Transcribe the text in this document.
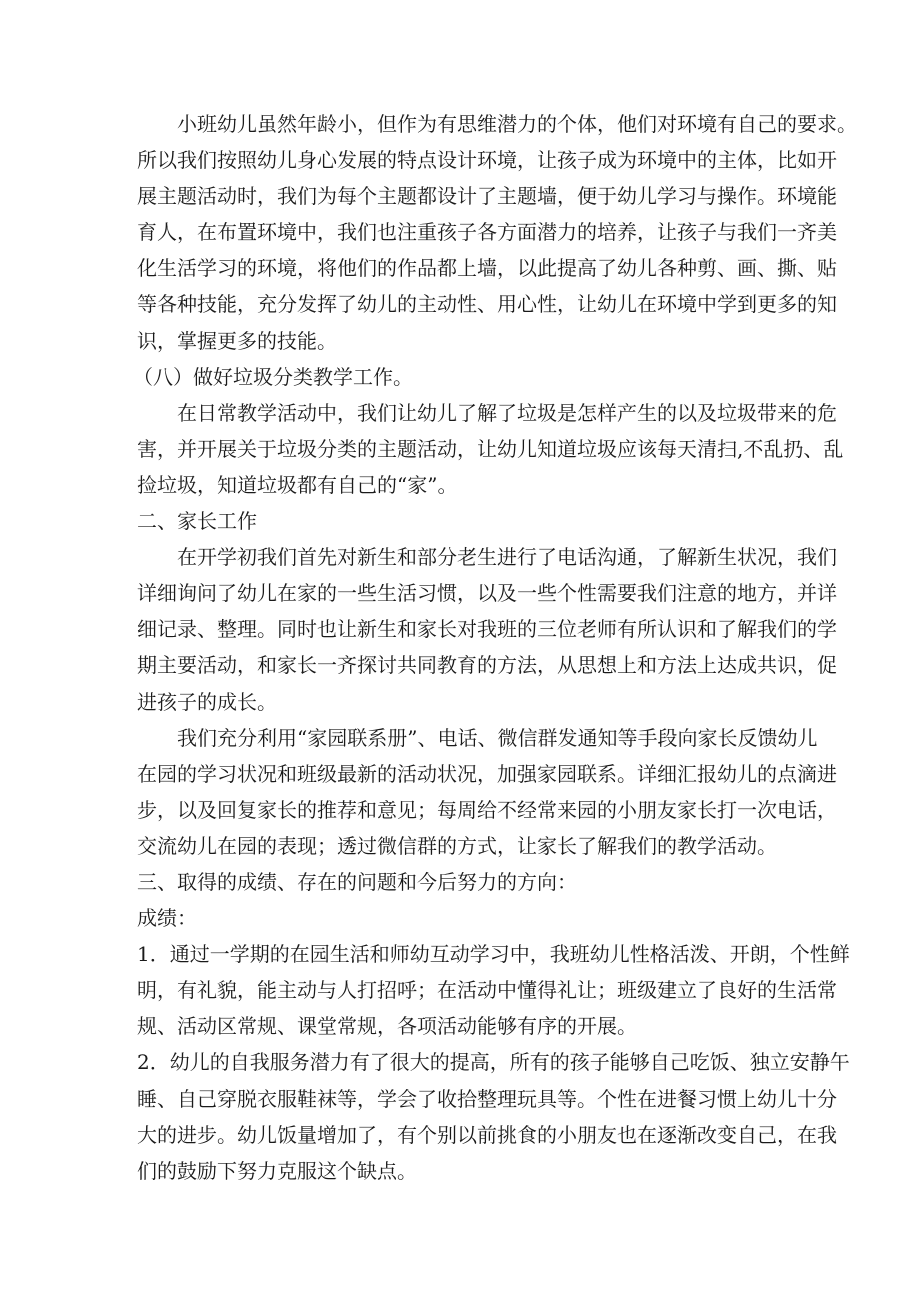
小班幼儿虽然年龄小，但作为有思维潜力的个体，他们对环境有自己的要求。
所以我们按照幼儿身心发展的特点设计环境，让孩子成为环境中的主体，比如开
展主题活动时，我们为每个主题都设计了主题墙，便于幼儿学习与操作。环境能
育人，在布置环境中，我们也注重孩子各方面潜力的培养，让孩子与我们一齐美
化生活学习的环境，将他们的作品都上墙，以此提高了幼儿各种剪、画、撕、贴
等各种技能，充分发挥了幼儿的主动性、用心性，让幼儿在环境中学到更多的知
识，掌握更多的技能。
（八）做好垃圾分类教学工作。
在日常教学活动中，我们让幼儿了解了垃圾是怎样产生的以及垃圾带来的危
害，并开展关于垃圾分类的主题活动，让幼儿知道垃圾应该每天清扫,不乱扔、乱
捡垃圾，知道垃圾都有自己的“家”。
二、家长工作
在开学初我们首先对新生和部分老生进行了电话沟通，了解新生状况，我们
详细询问了幼儿在家的一些生活习惯，以及一些个性需要我们注意的地方，并详
细记录、整理。同时也让新生和家长对我班的三位老师有所认识和了解我们的学
期主要活动，和家长一齐探讨共同教育的方法，从思想上和方法上达成共识，促
进孩子的成长。
我们充分利用“家园联系册”、电话、微信群发通知等手段向家长反馈幼儿
在园的学习状况和班级最新的活动状况，加强家园联系。详细汇报幼儿的点滴进
步，以及回复家长的推荐和意见；每周给不经常来园的小朋友家长打一次电话，
交流幼儿在园的表现；透过微信群的方式，让家长了解我们的教学活动。
三、取得的成绩、存在的问题和今后努力的方向：
成绩：
1．通过一学期的在园生活和师幼互动学习中，我班幼儿性格活泼、开朗，个性鲜
明，有礼貌，能主动与人打招呼；在活动中懂得礼让；班级建立了良好的生活常
规、活动区常规、课堂常规，各项活动能够有序的开展。
2．幼儿的自我服务潜力有了很大的提高，所有的孩子能够自己吃饭、独立安静午
睡、自己穿脱衣服鞋袜等，学会了收拾整理玩具等。个性在进餐习惯上幼儿十分
大的进步。幼儿饭量增加了，有个别以前挑食的小朋友也在逐渐改变自己，在我
们的鼓励下努力克服这个缺点。
